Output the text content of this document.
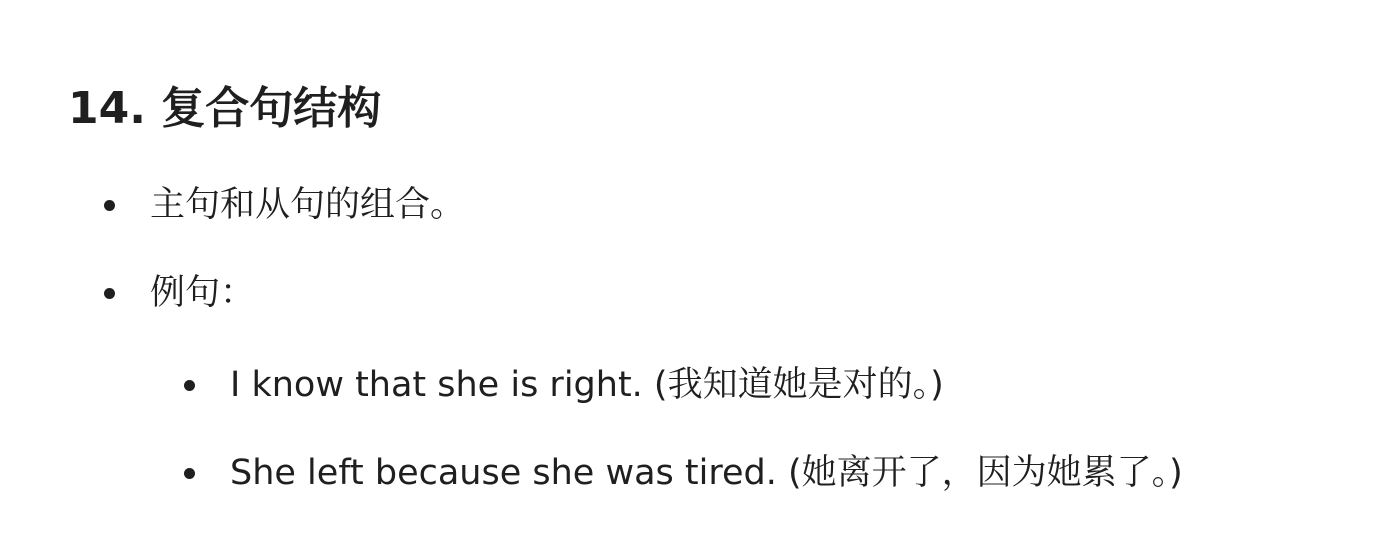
14. 复合句结构
主句和从句的组合。
例句：
I know that she is right. (我知道她是对的。)
She left because she was tired. (她离开了，因为她累了。)
